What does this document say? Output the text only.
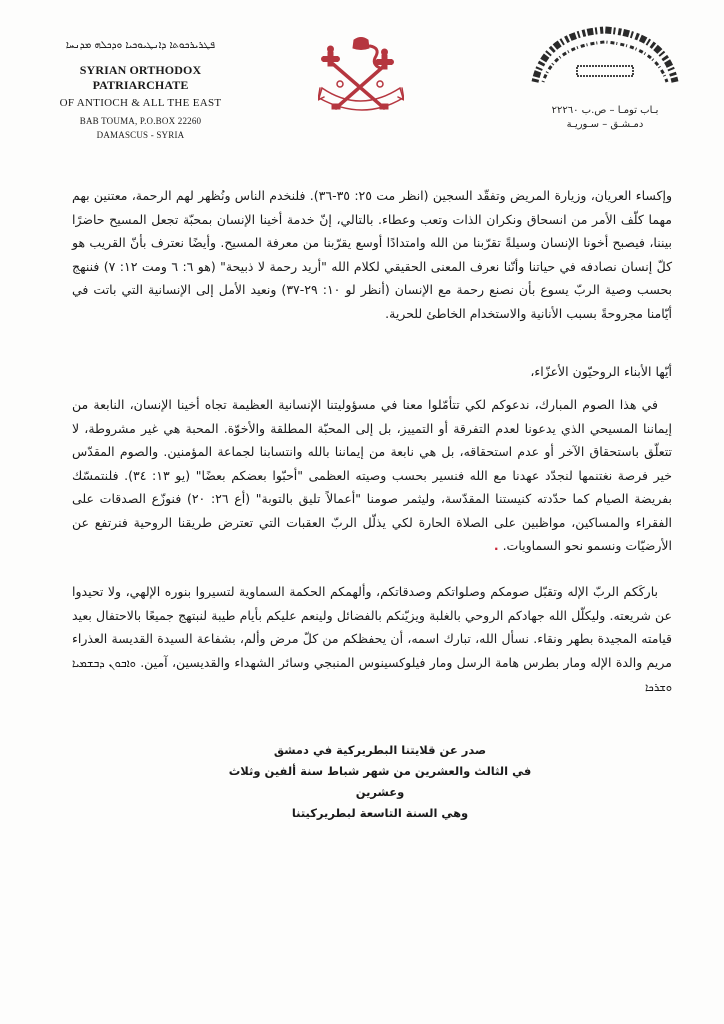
ܦܛܪܝܪܟܘܬܐ ܕܐܢܛܝܘܟܝܐ ܘܕܟܠܗ ܡܕܢܚܐ
SYRIAN ORTHODOX PATRIARCHATE
OF ANTIOCH & ALL THE EAST
BAB TOUMA, P.O.BOX 22260
DAMASCUS - SYRIA
بـاب تومـا – ص.ب ٢٢٢٦٠
دمـشـق – سـوريـة

وإكساء العريان، وزيارة المريض وتفقّد السجين (انظر مت ٢٥: ٣٥-٣٦). فلنخدم الناس ونُظهر لهم الرحمة، معتنين بهم مهما كلّف الأمر من انسحاق ونكران الذات وتعب وعطاء. بالتالي، إنّ خدمة أخينا الإنسان بمحبّة تجعل المسيح حاضرًا بيننا، فيصبح أخونا الإنسان وسيلةً تقرّبنا من الله وامتدادًا أوسع يقرّبنا من معرفة المسيح. وأيضًا نعترف بأنّ القريب هو كلّ إنسان نصادفه في حياتنا وأنّنا نعرف المعنى الحقيقي لكلام الله "أريد رحمة لا ذبيحة" (هو ٦: ٦ ومت ١٢: ٧) فننهج بحسب وصية الربّ يسوع بأن نصنع رحمة مع الإنسان (أنظر لو ١٠: ٢٩-٣٧) ونعيد الأمل إلى الإنسانية التي باتت في أيّامنا مجروحةً بسبب الأنانية والاستخدام الخاطئ للحرية.

أيّها الأبناء الروحيّون الأعزّاء،

في هذا الصوم المبارك، ندعوكم لكي تتأمّلوا معنا في مسؤوليتنا الإنسانية العظيمة تجاه أخينا الإنسان، النابعة من إيماننا المسيحي الذي يدعونا لعدم التفرقة أو التمييز، بل إلى المحبّة المطلقة والأخوّة. المحبة هي غير مشروطة، لا تتعلّق باستحقاق الآخر أو عدم استحقاقه، بل هي نابعة من إيماننا بالله وانتسابنا لجماعة المؤمنين. والصوم المقدّس خير فرصة نغتنمها لنجدّد عهدنا مع الله فنسير بحسب وصيته العظمى "أحبّوا بعضكم بعضًا" (يو ١٣: ٣٤). فلنتمسّك بفريضة الصيام كما حدّدته كنيستنا المقدّسة، وليثمر صومنا "أعمالاً تليق بالتوبة" (أع ٢٦: ٢٠) فنوزّع الصدقات على الفقراء والمساكين، مواظبين على الصلاة الحارة لكي يذلّل الربّ العقبات التي تعترض طريقنا الروحية فنرتفع عن الأرضيّات ونسمو نحو السماويات. .

باركَكم الربّ الإله وتقبّل صومكم وصلواتكم وصدقاتكم، وألهمكم الحكمة السماوية لتسيروا بنوره الإلهي، ولا تحيدوا عن شريعته. وليكلّل الله جهادكم الروحي بالغلبة ويزيّنكم بالفضائل ولينعم عليكم بأيام طيبة لنبتهج جميعًا بالاحتفال بعيد قيامته المجيدة بطهر ونقاء. نسأل الله، تبارك اسمه، أن يحفظكم من كلّ مرض وألم، بشفاعة السيدة القديسة العذراء مريم والدة الإله ومار بطرس هامة الرسل ومار فيلوكسينوس المنبجي وسائر الشهداء والقديسين، آمين. ܘܐܒܘܢ ܕܒܫܡܝܐ ܘܫܪܟܐ

صدر عن قلايتنا البطريركية في دمشق
في الثالث والعشرين من شهر شباط سنة ألفين وثلاث وعشرين
وهي السنة التاسعة لبطريركيتنا
